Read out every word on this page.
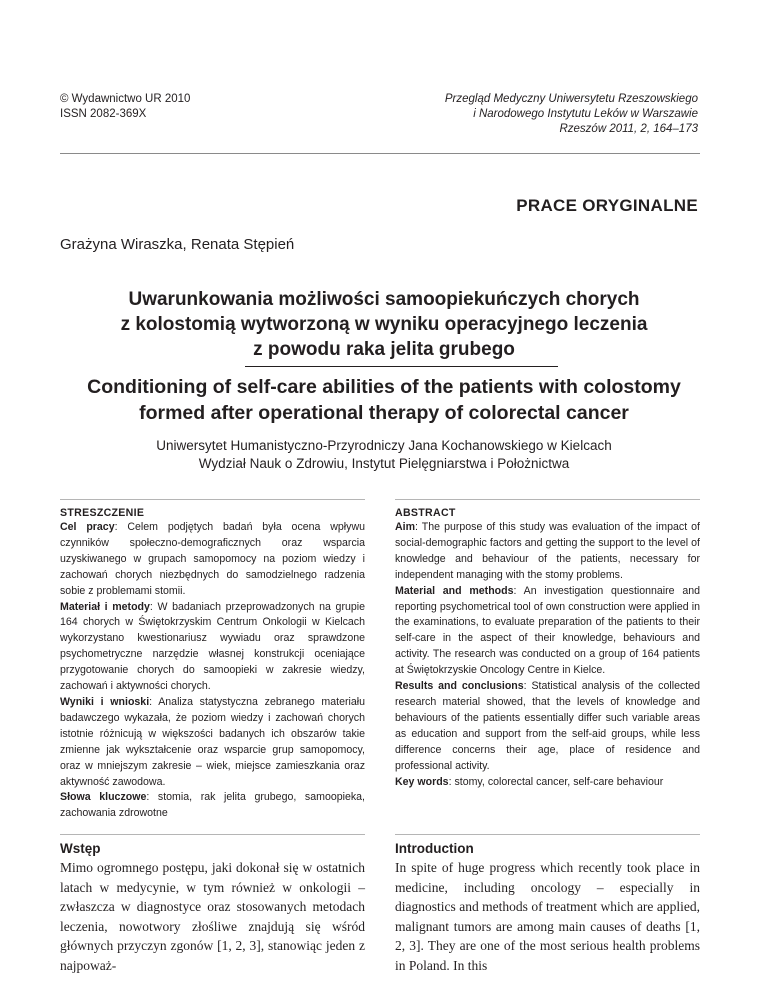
© Wydawnictwo UR 2010
ISSN 2082-369X
Przegląd Medyczny Uniwersytetu Rzeszowskiego
i Narodowego Instytutu Leków w Warszawie
Rzeszów 2011, 2, 164–173
PRACE ORYGINALNE
Grażyna Wiraszka, Renata Stępień
Uwarunkowania możliwości samoopiekuńczych chorych
z kolostomią wytworzoną w wyniku operacyjnego leczenia
z powodu raka jelita grubego
Conditioning of self-care abilities of the patients with colostomy
formed after operational therapy of colorectal cancer
Uniwersytet Humanistyczno-Przyrodniczy Jana Kochanowskiego w Kielcach
Wydział Nauk o Zdrowiu, Instytut Pielęgniarstwa i Położnictwa
STRESZCZENIE

Cel pracy: Celem podjętych badań była ocena wpływu czynników społeczno-demograficznych oraz wsparcia uzyskiwanego w grupach samopomocy na poziom wiedzy i zachowań chorych niezbędnych do samodzielnego radzenia sobie z problemami stomii.

Materiał i metody: W badaniach przeprowadzonych na grupie 164 chorych w Świętokrzyskim Centrum Onkologii w Kielcach wykorzystano kwestionariusz wywiadu oraz sprawdzone psychometryczne narzędzie własnej konstrukcji oceniające przygotowanie chorych do samoopieki w zakresie wiedzy, zachowań i aktywności chorych.

Wyniki i wnioski: Analiza statystyczna zebranego materiału badawczego wykazała, że poziom wiedzy i zachowań chorych istotnie różnicują w większości badanych ich obszarów takie zmienne jak wykształcenie oraz wsparcie grup samopomocy, oraz w mniejszym zakresie – wiek, miejsce zamieszkania oraz aktywność zawodowa.

Słowa kluczowe: stomia, rak jelita grubego, samoopieka, zachowania zdrowotne

ABSTRACT

Aim: The purpose of this study was evaluation of the impact of social-demographic factors and getting the support to the level of knowledge and behaviour of the patients, necessary for independent managing with the stomy problems.

Material and methods: An investigation questionnaire and reporting psychometrical tool of own construction were applied in the examinations, to evaluate preparation of the patients to their self-care in the aspect of their knowledge, behaviours and activity. The research was conducted on a group of 164 patients at Świętokrzyskie Oncology Centre in Kielce.

Results and conclusions: Statistical analysis of the collected research material showed, that the levels of knowledge and behaviours of the patients essentially differ such variable areas as education and support from the self-aid groups, while less difference concerns their age, place of residence and professional activity.

Key words: stomy, colorectal cancer, self-care behaviour

Wstęp

Mimo ogromnego postępu, jaki dokonał się w ostatnich latach w medycynie, w tym również w onkologii – zwłaszcza w diagnostyce oraz stosowanych metodach leczenia, nowotwory złośliwe znajdują się wśród głównych przyczyn zgonów [1, 2, 3], stanowiąc jeden z najpoważ-

Introduction

In spite of huge progress which recently took place in medicine, including oncology – especially in diagnostics and methods of treatment which are applied, malignant tumors are among main causes of deaths [1, 2, 3]. They are one of the most serious health problems in Poland. In this
